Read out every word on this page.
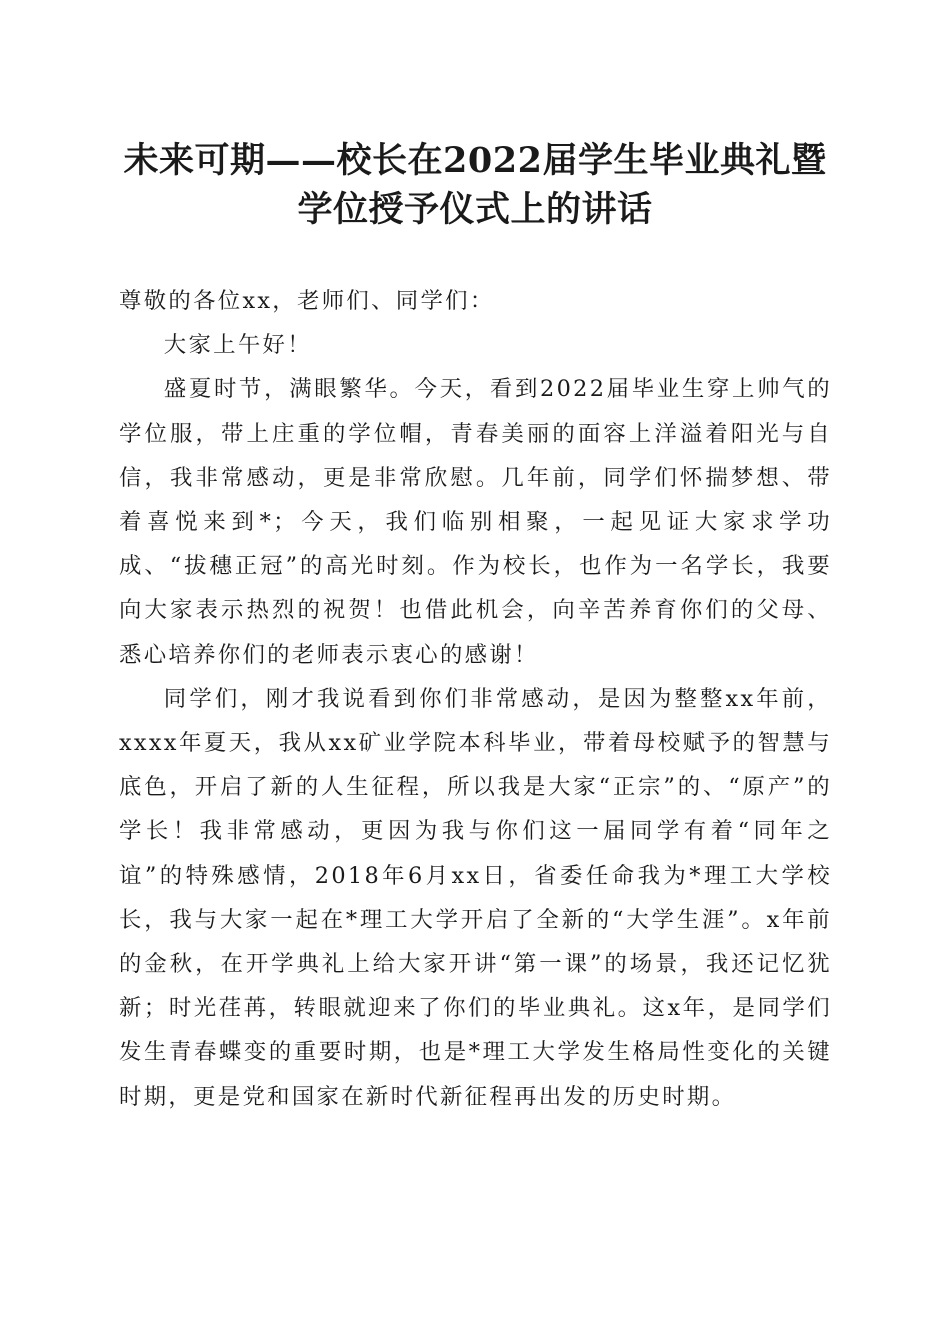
未来可期——校长在2022届学生毕业典礼暨
学位授予仪式上的讲话

尊敬的各位xx，老师们、同学们：

大家上午好！

盛夏时节，满眼繁华。今天，看到2022届毕业生穿上帅气的学位服，带上庄重的学位帽，青春美丽的面容上洋溢着阳光与自信，我非常感动，更是非常欣慰。几年前，同学们怀揣梦想、带着喜悦来到*；今天，我们临别相聚，一起见证大家求学功成、“拔穗正冠”的高光时刻。作为校长，也作为一名学长，我要向大家表示热烈的祝贺！也借此机会，向辛苦养育你们的父母、悉心培养你们的老师表示衷心的感谢！

同学们，刚才我说看到你们非常感动，是因为整整xx年前，xxxx年夏天，我从xx矿业学院本科毕业，带着母校赋予的智慧与底色，开启了新的人生征程，所以我是大家“正宗”的、“原产”的学长！我非常感动，更因为我与你们这一届同学有着“同年之谊”的特殊感情，2018年6月xx日，省委任命我为*理工大学校长，我与大家一起在*理工大学开启了全新的“大学生涯”。x年前的金秋，在开学典礼上给大家开讲“第一课”的场景，我还记忆犹新；时光荏苒，转眼就迎来了你们的毕业典礼。这x年，是同学们发生青春蝶变的重要时期，也是*理工大学发生格局性变化的关键时期，更是党和国家在新时代新征程再出发的历史时期。
